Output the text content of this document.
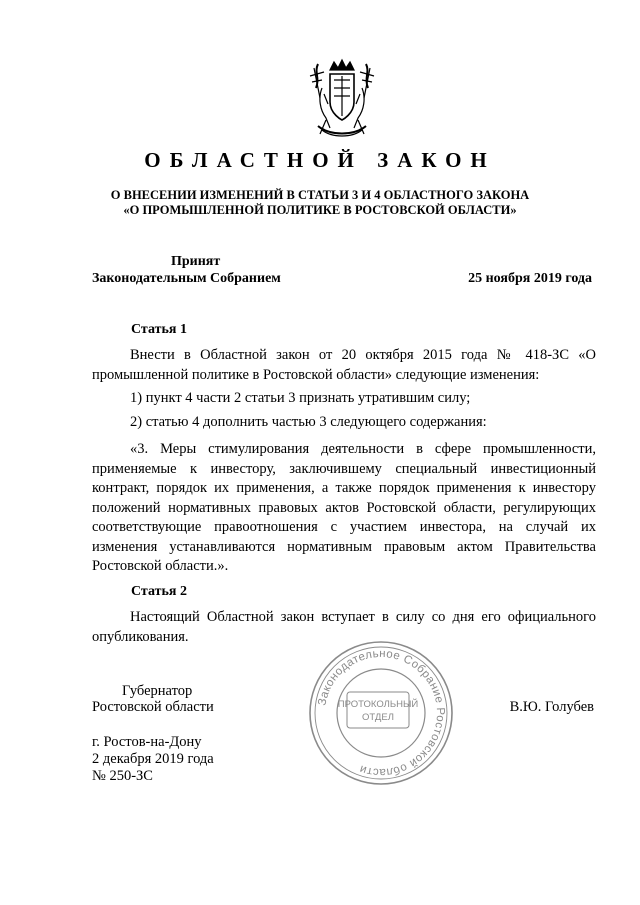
ОБЛАСТНОЙ ЗАКОН
О ВНЕСЕНИИ ИЗМЕНЕНИЙ В СТАТЬИ 3 И 4 ОБЛАСТНОГО ЗАКОНА
«О ПРОМЫШЛЕННОЙ ПОЛИТИКЕ В РОСТОВСКОЙ ОБЛАСТИ»
Принят
Законодательным Собранием	25 ноября 2019 года
Статья 1
Внести в Областной закон от 20 октября 2015 года № 418-ЗС «О промышленной политике в Ростовской области» следующие изменения:
1) пункт 4 части 2 статьи 3 признать утратившим силу;
2) статью 4 дополнить частью 3 следующего содержания:
«3. Меры стимулирования деятельности в сфере промышленности, применяемые к инвестору, заключившему специальный инвестиционный контракт, порядок их применения, а также порядок применения к инвестору положений нормативных правовых актов Ростовской области, регулирующих соответствующие правоотношения с участием инвестора, на случай их изменения устанавливаются нормативным правовым актом Правительства Ростовской области.».
Статья 2
Настоящий Областной закон вступает в силу со дня его официального опубликования.
Губернатор
Ростовской области	В.Ю. Голубев
г. Ростов-на-Дону
2 декабря 2019 года
№ 250-ЗС
Законодательное Собрание Ростовской области
ПРОТОКОЛЬНЫЙ
ОТДЕЛ
